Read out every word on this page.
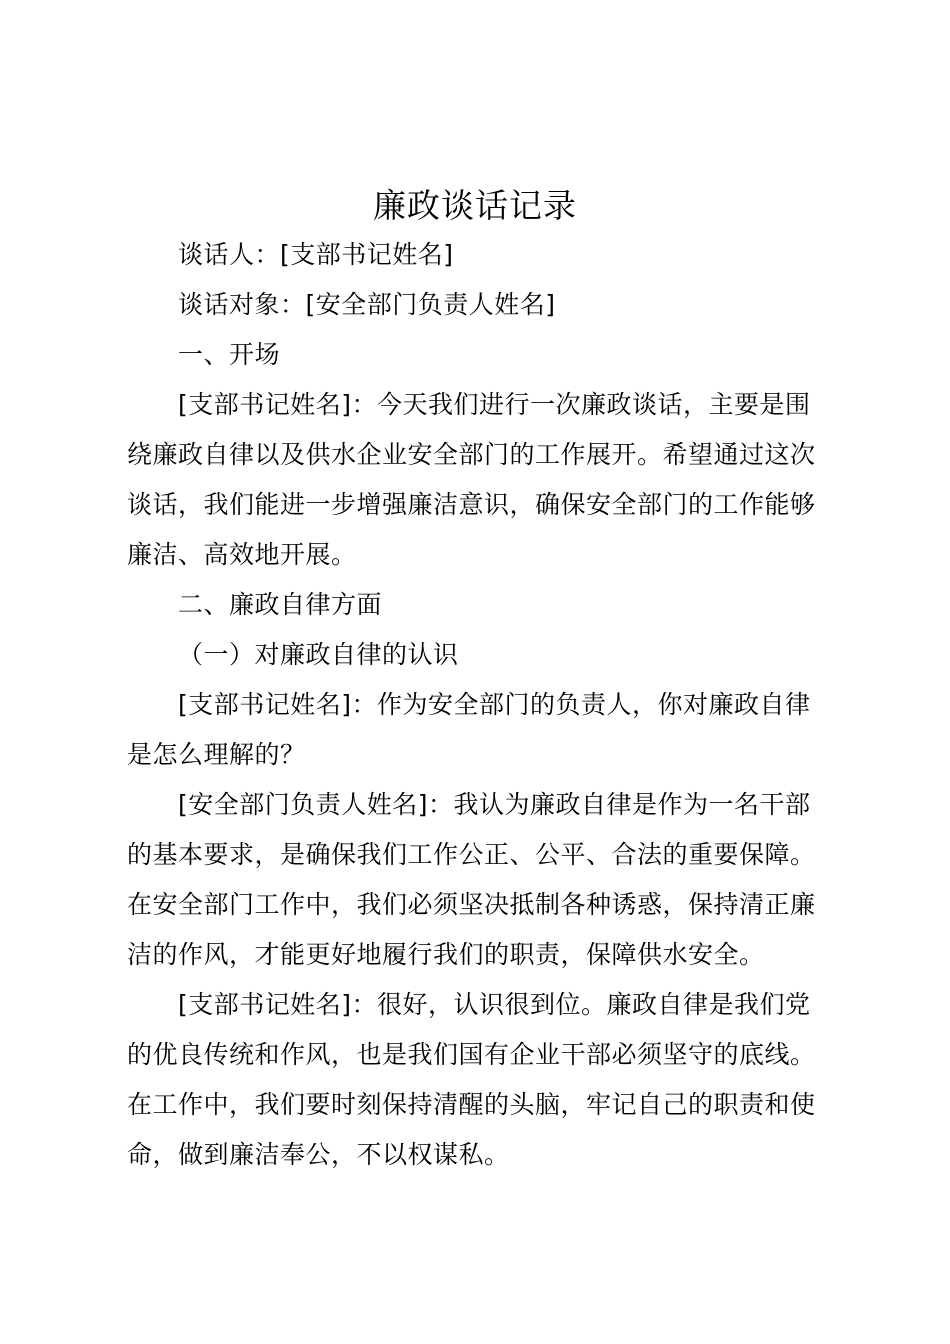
廉政谈话记录
谈话人：[支部书记姓名]
谈话对象：[安全部门负责人姓名]
一、开场
[支部书记姓名]：今天我们进行一次廉政谈话，主要是围
绕廉政自律以及供水企业安全部门的工作展开。希望通过这次
谈话，我们能进一步增强廉洁意识，确保安全部门的工作能够
廉洁、高效地开展。
二、廉政自律方面
（一）对廉政自律的认识
[支部书记姓名]：作为安全部门的负责人，你对廉政自律
是怎么理解的？
[安全部门负责人姓名]：我认为廉政自律是作为一名干部
的基本要求，是确保我们工作公正、公平、合法的重要保障。
在安全部门工作中，我们必须坚决抵制各种诱惑，保持清正廉
洁的作风，才能更好地履行我们的职责，保障供水安全。
[支部书记姓名]：很好，认识很到位。廉政自律是我们党
的优良传统和作风，也是我们国有企业干部必须坚守的底线。
在工作中，我们要时刻保持清醒的头脑，牢记自己的职责和使
命，做到廉洁奉公，不以权谋私。
